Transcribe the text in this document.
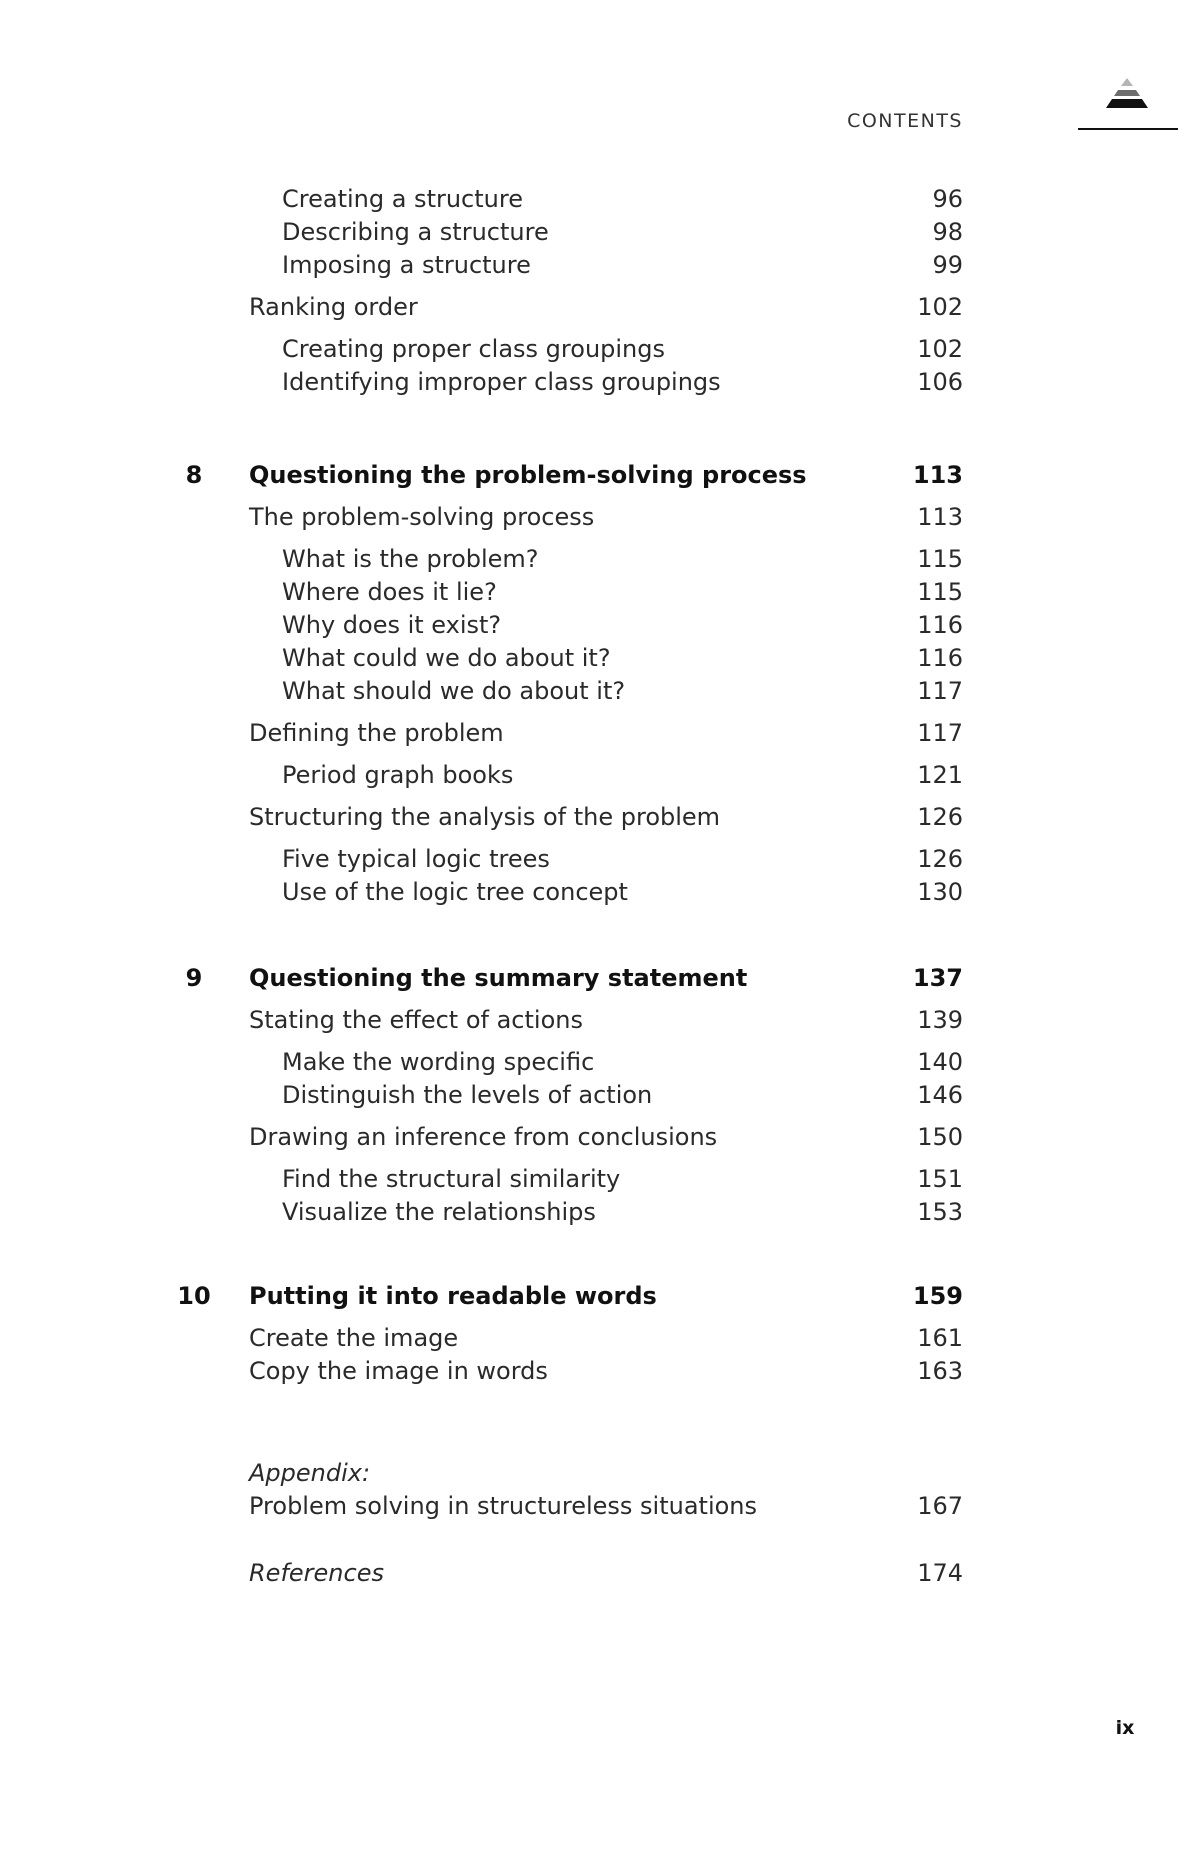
CONTENTS
Creating a structure	96
Describing a structure	98
Imposing a structure	99
Ranking order	102
Creating proper class groupings	102
Identifying improper class groupings	106
8	Questioning the problem-solving process	113
The problem-solving process	113
What is the problem?	115
Where does it lie?	115
Why does it exist?	116
What could we do about it?	116
What should we do about it?	117
Defining the problem	117
Period graph books	121
Structuring the analysis of the problem	126
Five typical logic trees	126
Use of the logic tree concept	130
9	Questioning the summary statement	137
Stating the effect of actions	139
Make the wording specific	140
Distinguish the levels of action	146
Drawing an inference from conclusions	150
Find the structural similarity	151
Visualize the relationships	153
10	Putting it into readable words	159
Create the image	161
Copy the image in words	163
Appendix:
Problem solving in structureless situations	167
References	174
ix
